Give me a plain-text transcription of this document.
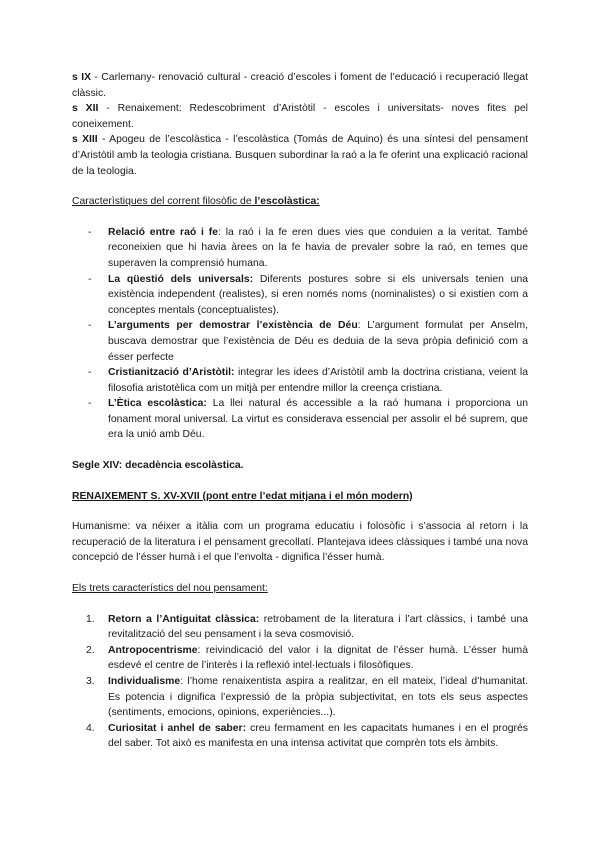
s IX - Carlemany- renovació cultural - creació d’escoles i foment de l’educació i recuperació llegat clàssic.

s XII - Renaixement: Redescobriment d’Aristòtil - escoles i universitats- noves fites pel coneixement.

s XIII - Apogeu de l’escolàstica - l’escolàstica (Tomás de Aquino) és una síntesi del pensament d’Aristòtil amb la teologia cristiana. Busquen subordinar la raó a la fe oferint una explicació racional de la teologia.

Caracterìstiques del corrent filosòfic de l’escolàstica:

- Relació entre raó i fe: la raó i la fe eren dues vies que conduien a la veritat. També reconeixien que hi havia àrees on la fe havia de prevaler sobre la raó, en temes que superaven la comprensió humana.
- La qüestió dels universals: Diferents postures sobre si els universals tenien una existència independent (realistes), si eren només noms (nominalistes) o si existien com a conceptes mentals (conceptualistes).
- L’arguments per demostrar l’existència de Déu: L’argument formulat per Anselm, buscava demostrar que l’existència de Déu es deduia de la seva pròpia definició com a ésser perfecte
- Cristianització d’Aristòtil: integrar les idees d’Aristòtil amb la doctrina cristiana, veient la filosofia aristotèlica com un mitjà per entendre millor la creença cristiana.
- L’Ètica escolàstica: La llei natural és accessible a la raó humana i proporciona un fonament moral universal. La virtut es considerava essencial per assolir el bé suprem, que era la unió amb Déu.

Segle XIV: decadència escolàstica.

RENAIXEMENT S. XV-XVII (pont entre l’edat mitjana i el món modern)

Humanisme: va néixer a itàlia com un programa educatiu i folosòfic i s’associa al retorn i la recuperació de la literatura i el pensament grecollatí. Plantejava idees clàssiques i també una nova concepció de l’ésser humà i el que l’envolta - dignifica l’ésser humà.

Els trets característics del nou pensament:

1. Retorn a l’Antiguitat clàssica: retrobament de la literatura i l’art clàssics, i també una revitalització del seu pensament i la seva cosmovisió.
2. Antropocentrisme: reivindicació del valor i la dignitat de l’ésser humà. L’ésser humà esdevé el centre de l’interès i la reflexió intel·lectuals i filosòfiques.
3. Individualisme: l’home renaixentista aspira a realitzar, en ell mateix, l’ideal d’humanitat. Es potencia i dignifica l’expressió de la pròpia subjectivitat, en tots els seus aspectes (sentiments, emocions, opinions, experiències...).
4. Curiositat i anhel de saber: creu fermament en les capacitats humanes i en el progrés del saber. Tot això es manifesta en una intensa activitat que comprèn tots els àmbits.
